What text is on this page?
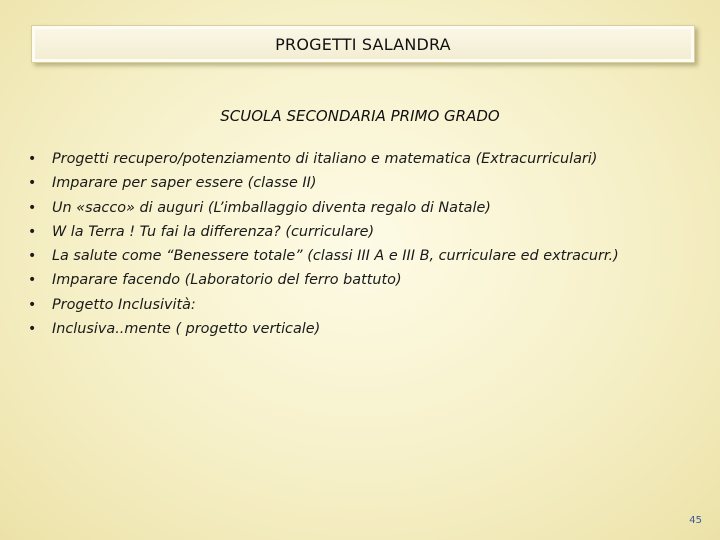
PROGETTI SALANDRA
SCUOLA SECONDARIA PRIMO GRADO
•	Progetti recupero/potenziamento di italiano e matematica (Extracurriculari)
•	Imparare per saper essere (classe II)
•	Un «sacco» di auguri (L’imballaggio diventa regalo di Natale)
•	W la Terra ! Tu fai la differenza? (curriculare)
•	La salute come “Benessere totale” (classi III A e III B, curriculare ed extracurr.)
•	Imparare facendo (Laboratorio del ferro battuto)
•	Progetto Inclusività:
•	Inclusiva..mente ( progetto verticale)
45
